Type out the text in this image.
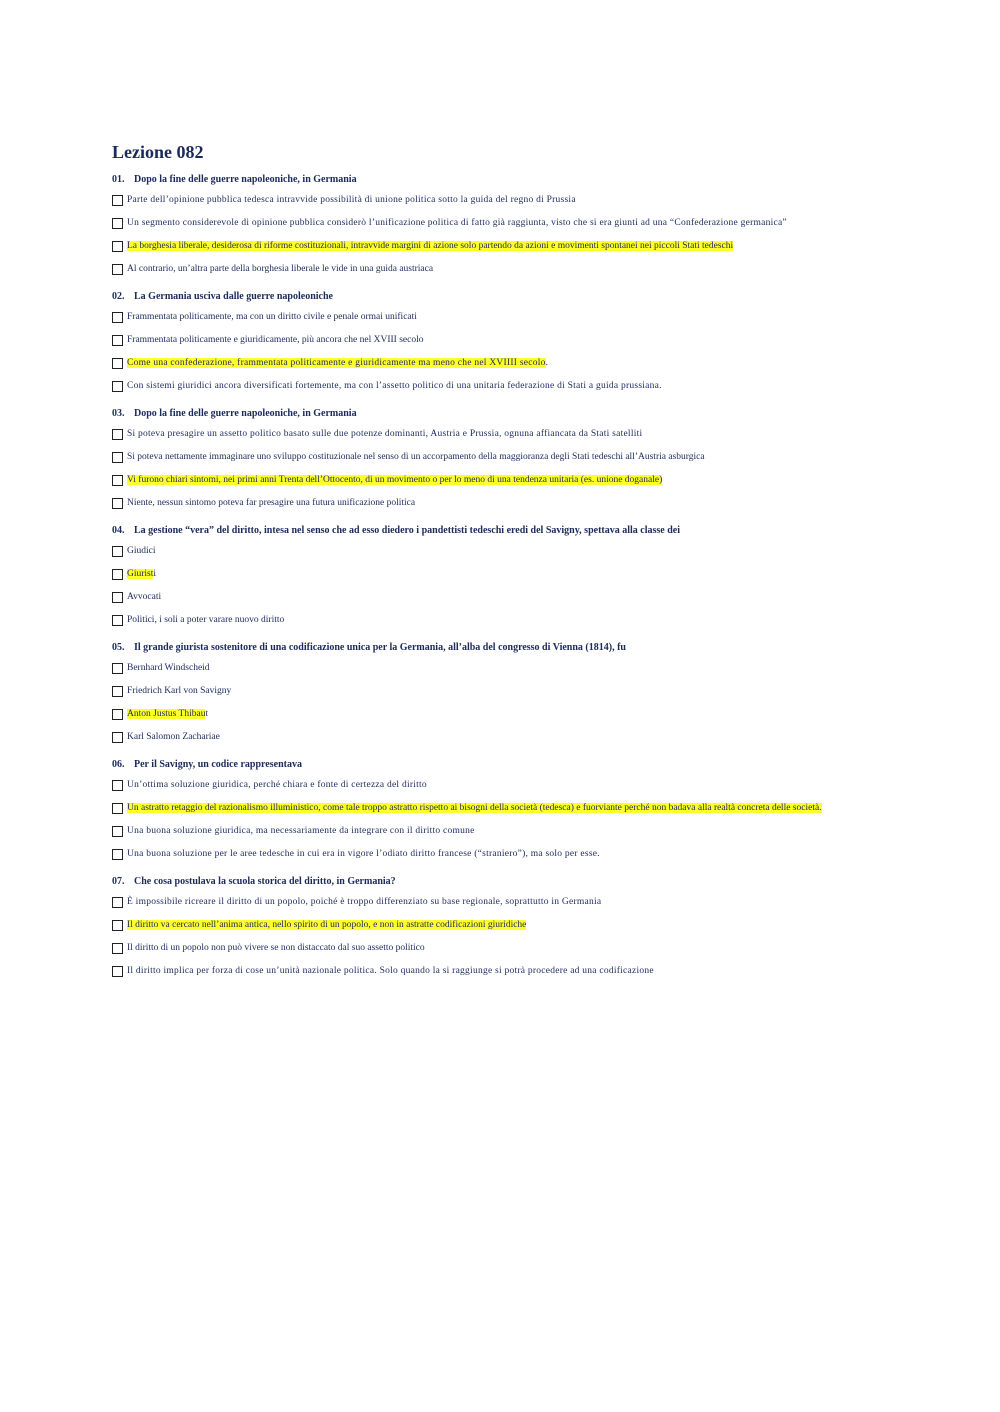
Lezione 082
01. Dopo la fine delle guerre napoleoniche, in Germania
Parte dell’opinione pubblica tedesca intravvide possibilità di unione politica sotto la guida del regno di Prussia
Un segmento considerevole di opinione pubblica considerò l’unificazione politica di fatto già raggiunta, visto che si era giunti ad una “Confederazione germanica”
La borghesia liberale, desiderosa di riforme costituzionali, intravvide margini di azione solo partendo da azioni e movimenti spontanei nei piccoli Stati tedeschi
Al contrario, un’altra parte della borghesia liberale le vide in una guida austriaca
02. La Germania usciva dalle guerre napoleoniche
Frammentata politicamente, ma con un diritto civile e penale ormai unificati
Frammentata politicamente e giuridicamente, più ancora che nel XVIII secolo
Come una confederazione, frammentata politicamente e giuridicamente ma meno che nel XVIIII secolo.
Con sistemi giuridici ancora diversificati fortemente, ma con l’assetto politico di una unitaria federazione di Stati a guida prussiana.
03. Dopo la fine delle guerre napoleoniche, in Germania
Si poteva presagire un assetto politico basato sulle due potenze dominanti, Austria e Prussia, ognuna affiancata da Stati satelliti
Si poteva nettamente immaginare uno sviluppo costituzionale nel senso di un accorpamento della maggioranza degli Stati tedeschi all’Austria asburgica
Vi furono chiari sintomi, nei primi anni Trenta dell’Ottocento, di un movimento o per lo meno di una tendenza unitaria (es. unione doganale)
Niente, nessun sintomo poteva far presagire una futura unificazione politica
04. La gestione “vera” del diritto, intesa nel senso che ad esso diedero i pandettisti tedeschi eredi del Savigny, spettava alla classe dei
Giudici
Giuristi
Avvocati
Politici, i soli a poter varare nuovo diritto
05. Il grande giurista sostenitore di una codificazione unica per la Germania, all’alba del congresso di Vienna (1814), fu
Bernhard Windscheid
Friedrich Karl von Savigny
Anton Justus Thibaut
Karl Salomon Zachariae
06. Per il Savigny, un codice rappresentava
Un’ottima soluzione giuridica, perché chiara e fonte di certezza del diritto
Un astratto retaggio del razionalismo illuministico, come tale troppo astratto rispetto ai bisogni della società (tedesca) e fuorviante perché non badava alla realtà concreta delle società.
Una buona soluzione giuridica, ma necessariamente da integrare con il diritto comune
Una buona soluzione per le aree tedesche in cui era in vigore l’odiato diritto francese (“straniero”), ma solo per esse.
07. Che cosa postulava la scuola storica del diritto, in Germania?
È impossibile ricreare il diritto di un popolo, poiché è troppo differenziato su base regionale, soprattutto in Germania
Il diritto va cercato nell’anima antica, nello spirito di un popolo, e non in astratte codificazioni giuridiche
Il diritto di un popolo non può vivere se non distaccato dal suo assetto politico
Il diritto implica per forza di cose un’unità nazionale politica. Solo quando la si raggiunge si potrà procedere ad una codificazione
